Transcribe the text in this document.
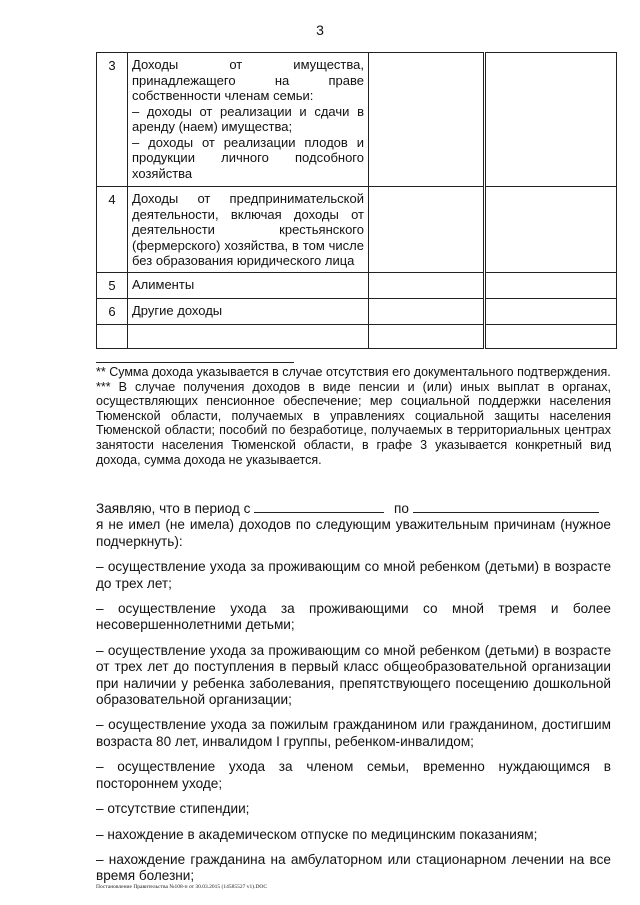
3
3	Доходы от имущества, принадлежащего на праве собственности членам семьи:
– доходы от реализации и сдачи в аренду (наем) имущества;
– доходы от реализации плодов и продукции личного подсобного хозяйства		
4	Доходы от предпринимательской деятельности, включая доходы от деятельности крестьянского (фермерского) хозяйства, в том числе без образования юридического лица		
5	Алименты		
6	Другие доходы		

** Сумма дохода указывается в случае отсутствия его документального подтверждения.

*** В случае получения доходов в виде пенсии и (или) иных выплат в органах, осуществляющих пенсионное обеспечение; мер социальной поддержки населения Тюменской области, получаемых в управлениях социальной защиты населения Тюменской области; пособий по безработице, получаемых в территориальных центрах занятости населения Тюменской области, в графе 3 указывается конкретный вид дохода, сумма дохода не указывается.

Заявляю, что в период с	по

я не имел (не имела) доходов по следующим уважительным причинам (нужное подчеркнуть):

– осуществление ухода за проживающим со мной ребенком (детьми) в возрасте до трех лет;

– осуществление ухода за проживающими со мной тремя и более несовершеннолетними детьми;

– осуществление ухода за проживающим со мной ребенком (детьми) в возрасте от трех лет до поступления в первый класс общеобразовательной организации при наличии у ребенка заболевания, препятствующего посещению дошкольной образовательной организации;

– осуществление ухода за пожилым гражданином или гражданином, достигшим возраста 80 лет, инвалидом I группы, ребенком-инвалидом;

– осуществление ухода за членом семьи, временно нуждающимся в постороннем уходе;

– отсутствие стипендии;

– нахождение в академическом отпуске по медицинским показаниям;

– нахождение гражданина на амбулаторном или стационарном лечении на все время болезни;

Постановление Правительства №108-п от 30.03.2015 (14585527 v1).DOC
